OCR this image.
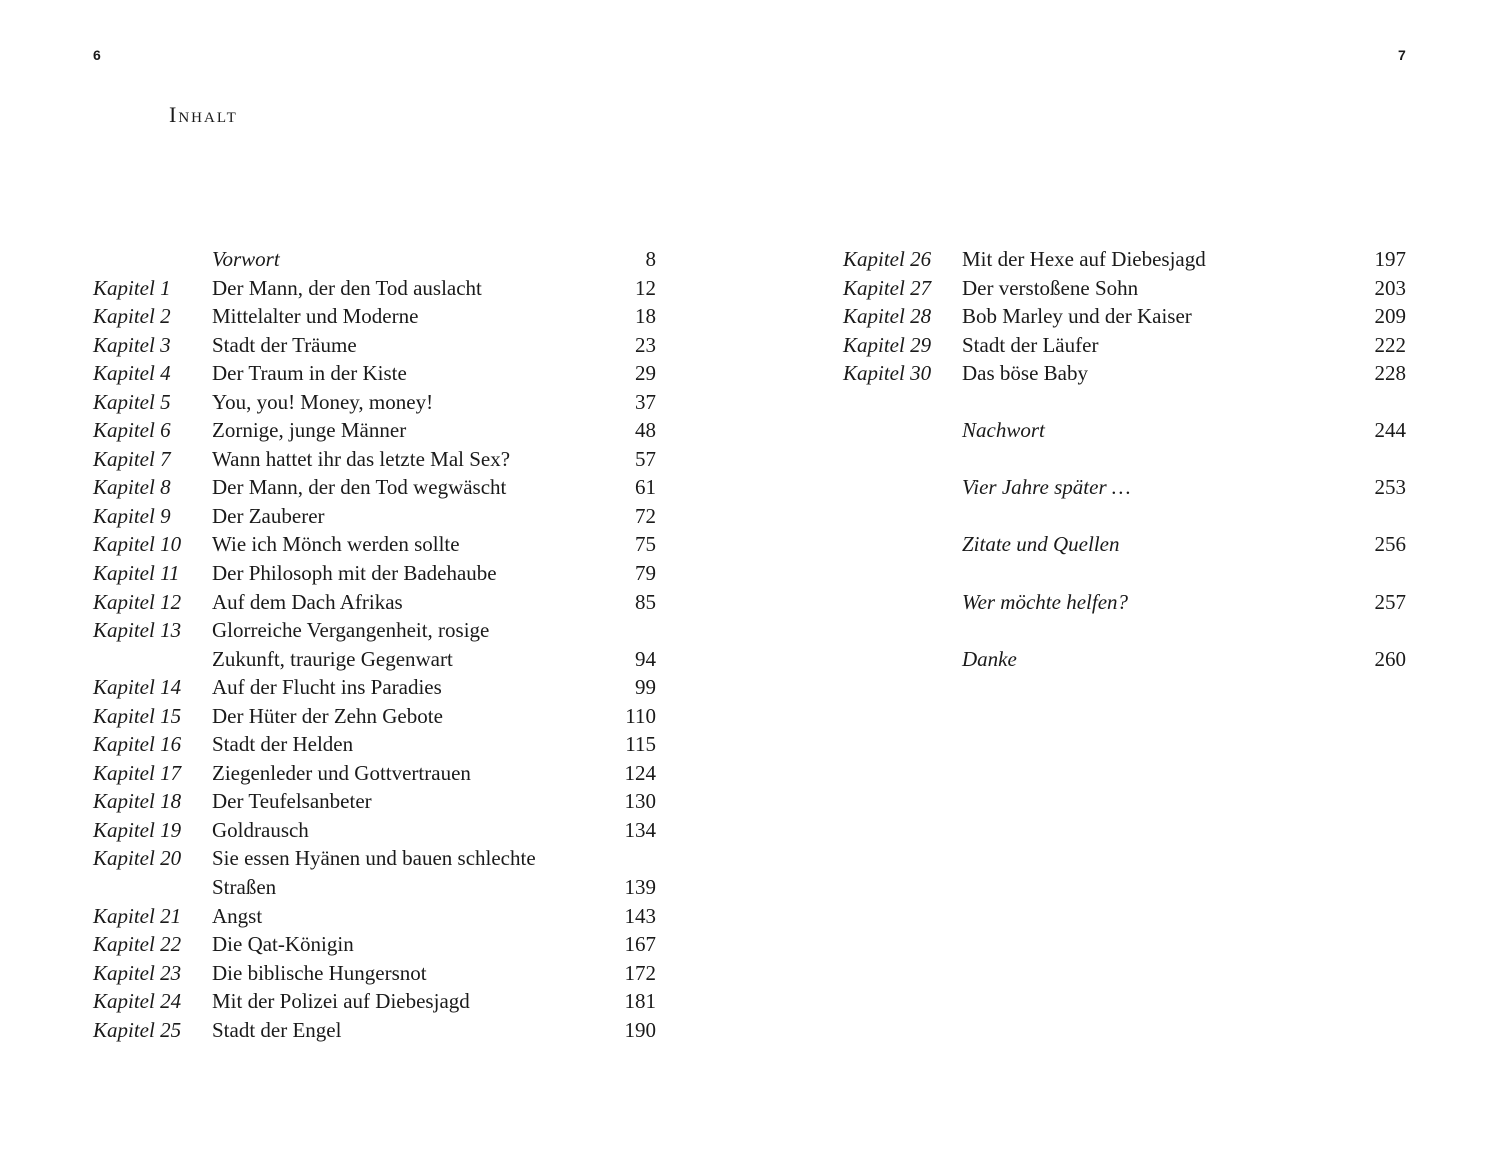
6	7
Inhalt
Vorwort	8
Kapitel 1 Der Mann, der den Tod auslacht	12
Kapitel 2 Mittelalter und Moderne	18
Kapitel 3 Stadt der Träume	23
Kapitel 4 Der Traum in der Kiste	29
Kapitel 5 You, you! Money, money!	37
Kapitel 6 Zornige, junge Männer	48
Kapitel 7 Wann hattet ihr das letzte Mal Sex?	57
Kapitel 8 Der Mann, der den Tod wegwäscht	61
Kapitel 9 Der Zauberer	72
Kapitel 10 Wie ich Mönch werden sollte	75
Kapitel 11 Der Philosoph mit der Badehaube	79
Kapitel 12 Auf dem Dach Afrikas	85
Kapitel 13 Glorreiche Vergangenheit, rosige
Zukunft, traurige Gegenwart	94
Kapitel 14 Auf der Flucht ins Paradies	99
Kapitel 15 Der Hüter der Zehn Gebote	110
Kapitel 16 Stadt der Helden	115
Kapitel 17 Ziegenleder und Gottvertrauen	124
Kapitel 18 Der Teufelsanbeter	130
Kapitel 19 Goldrausch	134
Kapitel 20 Sie essen Hyänen und bauen schlechte
Straßen	139
Kapitel 21 Angst	143
Kapitel 22 Die Qat-Königin	167
Kapitel 23 Die biblische Hungersnot	172
Kapitel 24 Mit der Polizei auf Diebesjagd	181
Kapitel 25 Stadt der Engel	190
Kapitel 26 Mit der Hexe auf Diebesjagd	197
Kapitel 27 Der verstoßene Sohn	203
Kapitel 28 Bob Marley und der Kaiser	209
Kapitel 29 Stadt der Läufer	222
Kapitel 30 Das böse Baby	228
Nachwort	244
Vier Jahre später …	253
Zitate und Quellen	256
Wer möchte helfen?	257
Danke	260
